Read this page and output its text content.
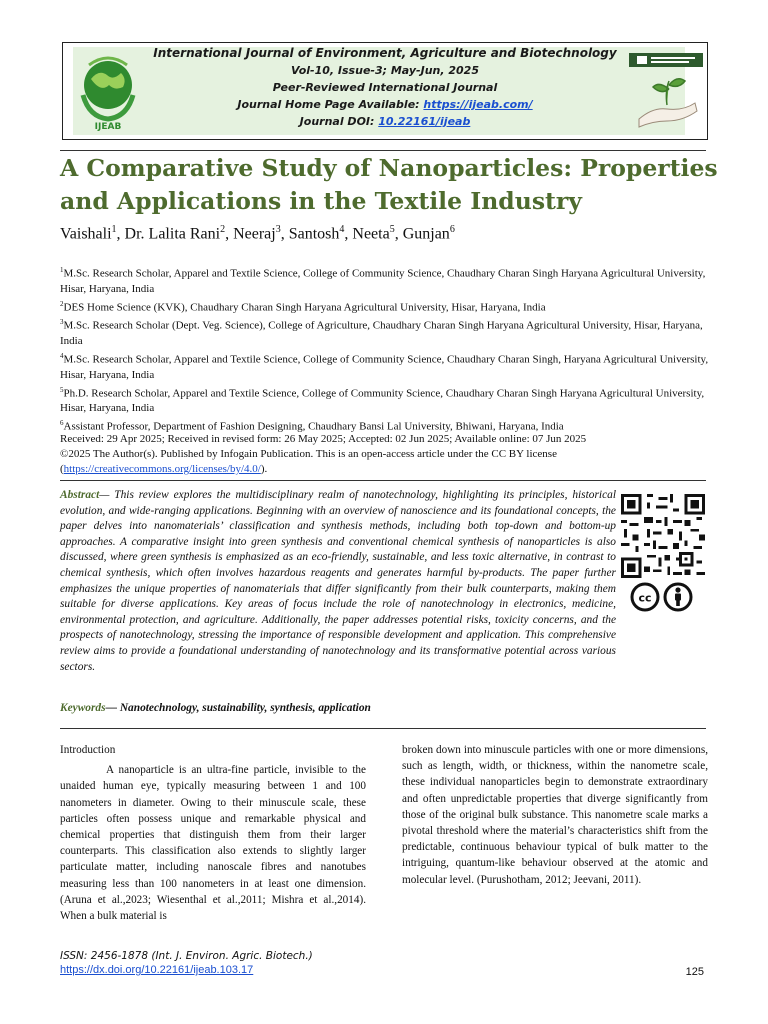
IJEAB
International Journal of Environment, Agriculture and Biotechnology
Vol-10, Issue-3; May-Jun, 2025
Peer-Reviewed International Journal
Journal Home Page Available: https://ijeab.com/
Journal DOI: 10.22161/ijeab
A Comparative Study of Nanoparticles: Properties and Applications in the Textile Industry
Vaishali$^1$, Dr. Lalita Rani$^2$, Neeraj$^3$, Santosh$^4$, Neeta$^5$, Gunjan$^6$

$^1$M.Sc. Research Scholar, Apparel and Textile Science, College of Community Science, Chaudhary Charan Singh Haryana Agricultural University, Hisar, Haryana, India

$^2$DES Home Science (KVK), Chaudhary Charan Singh Haryana Agricultural University, Hisar, Haryana, India

$^3$M.Sc. Research Scholar (Dept. Veg. Science), College of Agriculture, Chaudhary Charan Singh Haryana Agricultural University, Hisar, Haryana, India

$^4$M.Sc. Research Scholar, Apparel and Textile Science, College of Community Science, Chaudhary Charan Singh, Haryana Agricultural University, Hisar, Haryana, India

$^5$Ph.D. Research Scholar, Apparel and Textile Science, College of Community Science, Chaudhary Charan Singh Haryana Agricultural University, Hisar, Haryana, India

$^6$Assistant Professor, Department of Fashion Designing, Chaudhary Bansi Lal University, Bhiwani, Haryana, India

Received: 29 Apr 2025; Received in revised form: 26 May 2025; Accepted: 02 Jun 2025; Available online: 07 Jun 2025

©2025 The Author(s). Published by Infogain Publication. This is an open-access article under the CC BY license
(https://creativecommons.org/licenses/by/4.0/).

Abstract— This review explores the multidisciplinary realm of nanotechnology, highlighting its principles, historical evolution, and wide-ranging applications. Beginning with an overview of nanoscience and its foundational concepts, the paper delves into nanomaterials’ classification and synthesis methods, including both top-down and bottom-up approaches. A comparative insight into green synthesis and conventional chemical synthesis of nanoparticles is also discussed, where green synthesis is emphasized as an eco-friendly, sustainable, and less toxic alternative, in contrast to chemical synthesis, which often involves hazardous reagents and generates harmful by-products. The paper further emphasizes the unique properties of nanomaterials that differ significantly from their bulk counterparts, making them suitable for diverse applications. Key areas of focus include the role of nanotechnology in electronics, medicine, environmental protection, and agriculture. Additionally, the paper addresses potential risks, toxicity concerns, and the prospects of nanotechnology, stressing the importance of responsible development and application. This comprehensive review aims to provide a foundational understanding of nanotechnology and its transformative potential across various sectors.
cc
Keywords— Nanotechnology, sustainability, synthesis, application

Introduction

A nanoparticle is an ultra-fine particle, invisible to the unaided human eye, typically measuring between 1 and 100 nanometers in diameter. Owing to their minuscule scale, these particles often possess unique and remarkable physical and chemical properties that distinguish them from their larger counterparts. This classification also extends to slightly larger particulate matter, including nanoscale fibres and nanotubes measuring less than 100 nanometers in at least one dimension. (Aruna et al.,2023; Wiesenthal et al.,2011; Mishra et al.,2014). When a bulk material is

broken down into minuscule particles with one or more dimensions, such as length, width, or thickness, within the nanometre scale, these individual nanoparticles begin to demonstrate extraordinary and often unpredictable properties that diverge significantly from those of the original bulk substance. This nanometre scale marks a pivotal threshold where the material’s characteristics shift from the predictable, continuous behaviour typical of bulk matter to the intriguing, quantum-like behaviour observed at the atomic and molecular level. (Purushotham, 2012; Jeevani, 2011).

ISSN: 2456-1878 (Int. J. Environ. Agric. Biotech.)
https://dx.doi.org/10.22161/ijeab.103.17	125
